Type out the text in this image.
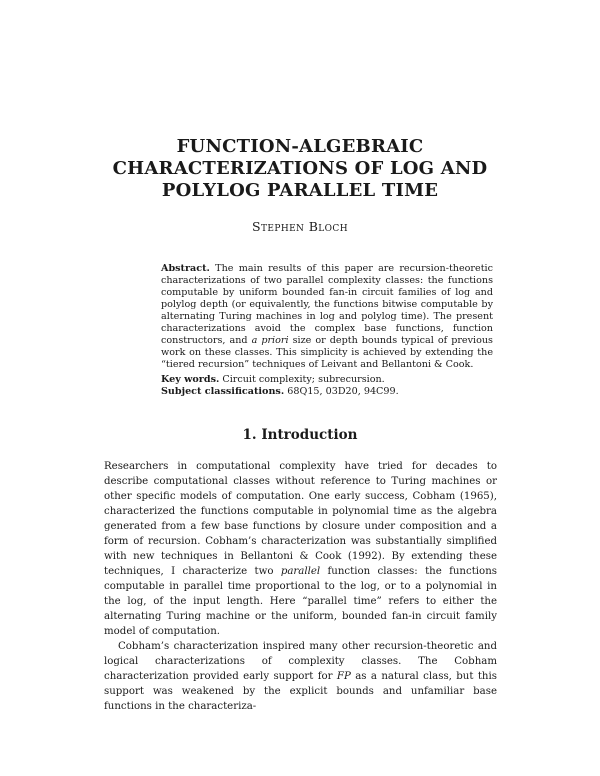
FUNCTION-ALGEBRAIC
CHARACTERIZATIONS OF LOG AND
POLYLOG PARALLEL TIME
Stephen Bloch

Abstract. The main results of this paper are recursion-theoretic characterizations of two parallel complexity classes: the functions computable by uniform bounded fan-in circuit families of log and polylog depth (or equivalently, the functions bitwise computable by alternating Turing machines in log and polylog time). The present characterizations avoid the complex base functions, function constructors, and a priori size or depth bounds typical of previous work on these classes. This simplicity is achieved by extending the “tiered recursion” techniques of Leivant and Bellantoni & Cook.

Key words. Circuit complexity; subrecursion.

Subject classifications. 68Q15, 03D20, 94C99.

1. Introduction

Researchers in computational complexity have tried for decades to describe computational classes without reference to Turing machines or other specific models of computation. One early success, Cobham (1965), characterized the functions computable in polynomial time as the algebra generated from a few base functions by closure under composition and a form of recursion. Cobham’s characterization was substantially simplified with new techniques in Bellantoni & Cook (1992). By extending these techniques, I characterize two parallel function classes: the functions computable in parallel time proportional to the log, or to a polynomial in the log, of the input length. Here “parallel time” refers to either the alternating Turing machine or the uniform, bounded fan-in circuit family model of computation.

Cobham’s characterization inspired many other recursion-theoretic and logical characterizations of complexity classes. The Cobham characterization provided early support for FP as a natural class, but this support was weakened by the explicit bounds and unfamiliar base functions in the characteriza-
